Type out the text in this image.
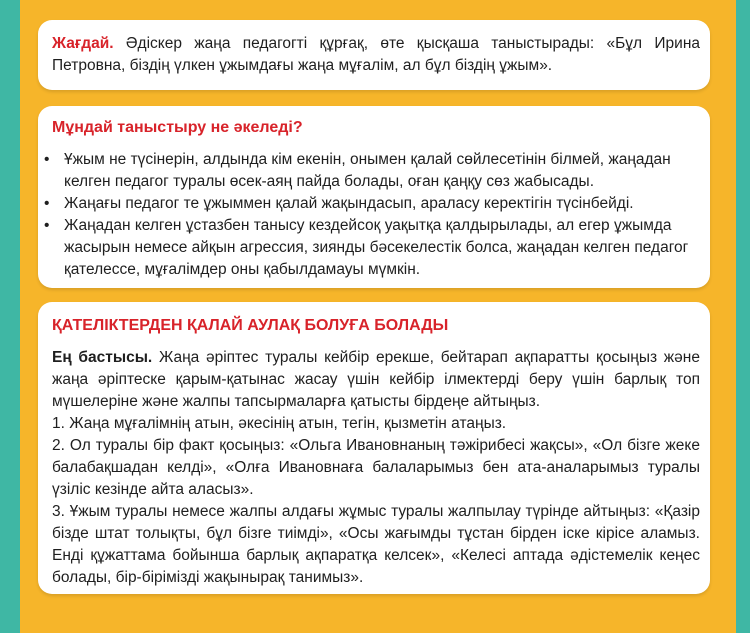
Жағдай. Әдіскер жаңа педагогті құрғақ, өте қысқаша таныстырады: «Бұл Ирина Петровна, біздің үлкен ұжымдағы жаңа мұғалім, ал бұл біздің ұжым».
Мұндай таныстыру не әкеледі?
• Ұжым не түсінерін, алдында кім екенін, онымен қалай сөйлесетінін білмей, жаңадан келген педагог туралы өсек-аяң пайда болады, оған қаңқу сөз жабысады.
• Жаңағы педагог те ұжыммен қалай жақындасып, араласу керектігін түсінбейді.
• Жаңадан келген ұстазбен танысу кездейсоқ уақытқа қалдырылады, ал егер ұжымда жасырын немесе айқын агрессия, зиянды бәсекелестік болса, жаңадан келген педагог қателессе, мұғалімдер оны қабылдамауы мүмкін.
ҚАТЕЛІКТЕРДЕН ҚАЛАЙ АУЛАҚ БОЛУҒА БОЛАДЫ

Ең бастысы. Жаңа әріптес туралы кейбір ерекше, бейтарап ақпаратты қосыңыз және жаңа әріптеске қарым-қатынас жасау үшін кейбір ілмектерді беру үшін барлық топ мүшелеріне және жалпы тапсырмаларға қатысты бірдеңе айтыңыз.

1. Жаңа мұғалімнің атын, әкесінің атын, тегін, қызметін атаңыз.

2. Ол туралы бір факт қосыңыз: «Ольга Ивановнаның тәжірибесі жақсы», «Ол бізге жеке балабақшадан келді», «Олға Ивановнаға балаларымыз бен ата-аналарымыз туралы үзіліс кезінде айта аласыз».

3. Ұжым туралы немесе жалпы алдағы жұмыс туралы жалпылау түрінде айтыңыз: «Қазір бізде штат толықты, бұл бізге тиімді», «Осы жағымды тұстан бірден іске кірісе аламыз. Енді құжаттама бойынша барлық ақпаратқа келсек», «Келесі аптада әдістемелік кеңес болады, бір-бірімізді жақынырақ танимыз».
